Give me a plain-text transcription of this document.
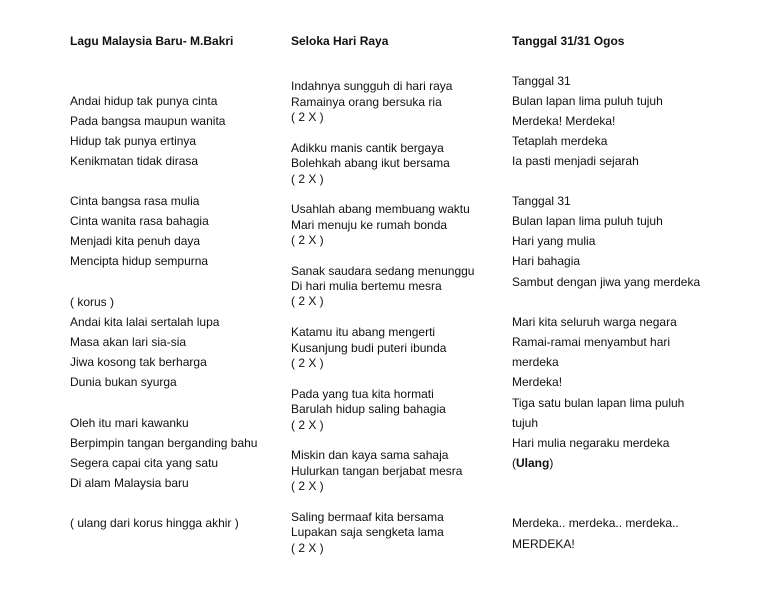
Lagu Malaysia Baru- M.Bakri
Andai hidup tak punya cinta
Pada bangsa maupun wanita
Hidup tak punya ertinya
Kenikmatan tidak dirasa
Cinta bangsa rasa mulia
Cinta wanita rasa bahagia
Menjadi kita penuh daya
Mencipta hidup sempurna
( korus )
Andai kita lalai sertalah lupa
Masa akan lari sia-sia
Jiwa kosong tak berharga
Dunia bukan syurga
Oleh itu mari kawanku
Berpimpin tangan berganding bahu
Segera capai cita yang satu
Di alam Malaysia baru
( ulang dari korus hingga akhir )
Seloka Hari Raya
Indahnya sungguh di hari raya
Ramainya orang bersuka ria
( 2 X )
Adikku manis cantik bergaya
Bolehkah abang ikut bersama
( 2 X )
Usahlah abang membuang waktu
Mari menuju ke rumah bonda
( 2 X )
Sanak saudara sedang menunggu
Di hari mulia bertemu mesra
( 2 X )
Katamu itu abang mengerti
Kusanjung budi puteri ibunda
( 2 X )
Pada yang tua kita hormati
Barulah hidup saling bahagia
( 2 X )
Miskin dan kaya sama sahaja
Hulurkan tangan berjabat mesra
( 2 X )
Saling bermaaf kita bersama
Lupakan saja sengketa lama
( 2 X )
Tanggal 31/31 Ogos
Tanggal 31
Bulan lapan lima puluh tujuh
Merdeka! Merdeka!
Tetaplah merdeka
Ia pasti menjadi sejarah
Tanggal 31
Bulan lapan lima puluh tujuh
Hari yang mulia
Hari bahagia
Sambut dengan jiwa yang merdeka
Mari kita seluruh warga negara
Ramai-ramai menyambut hari
merdeka
Merdeka!
Tiga satu bulan lapan lima puluh
tujuh
Hari mulia negaraku merdeka
(Ulang)
Merdeka.. merdeka.. merdeka..
MERDEKA!
